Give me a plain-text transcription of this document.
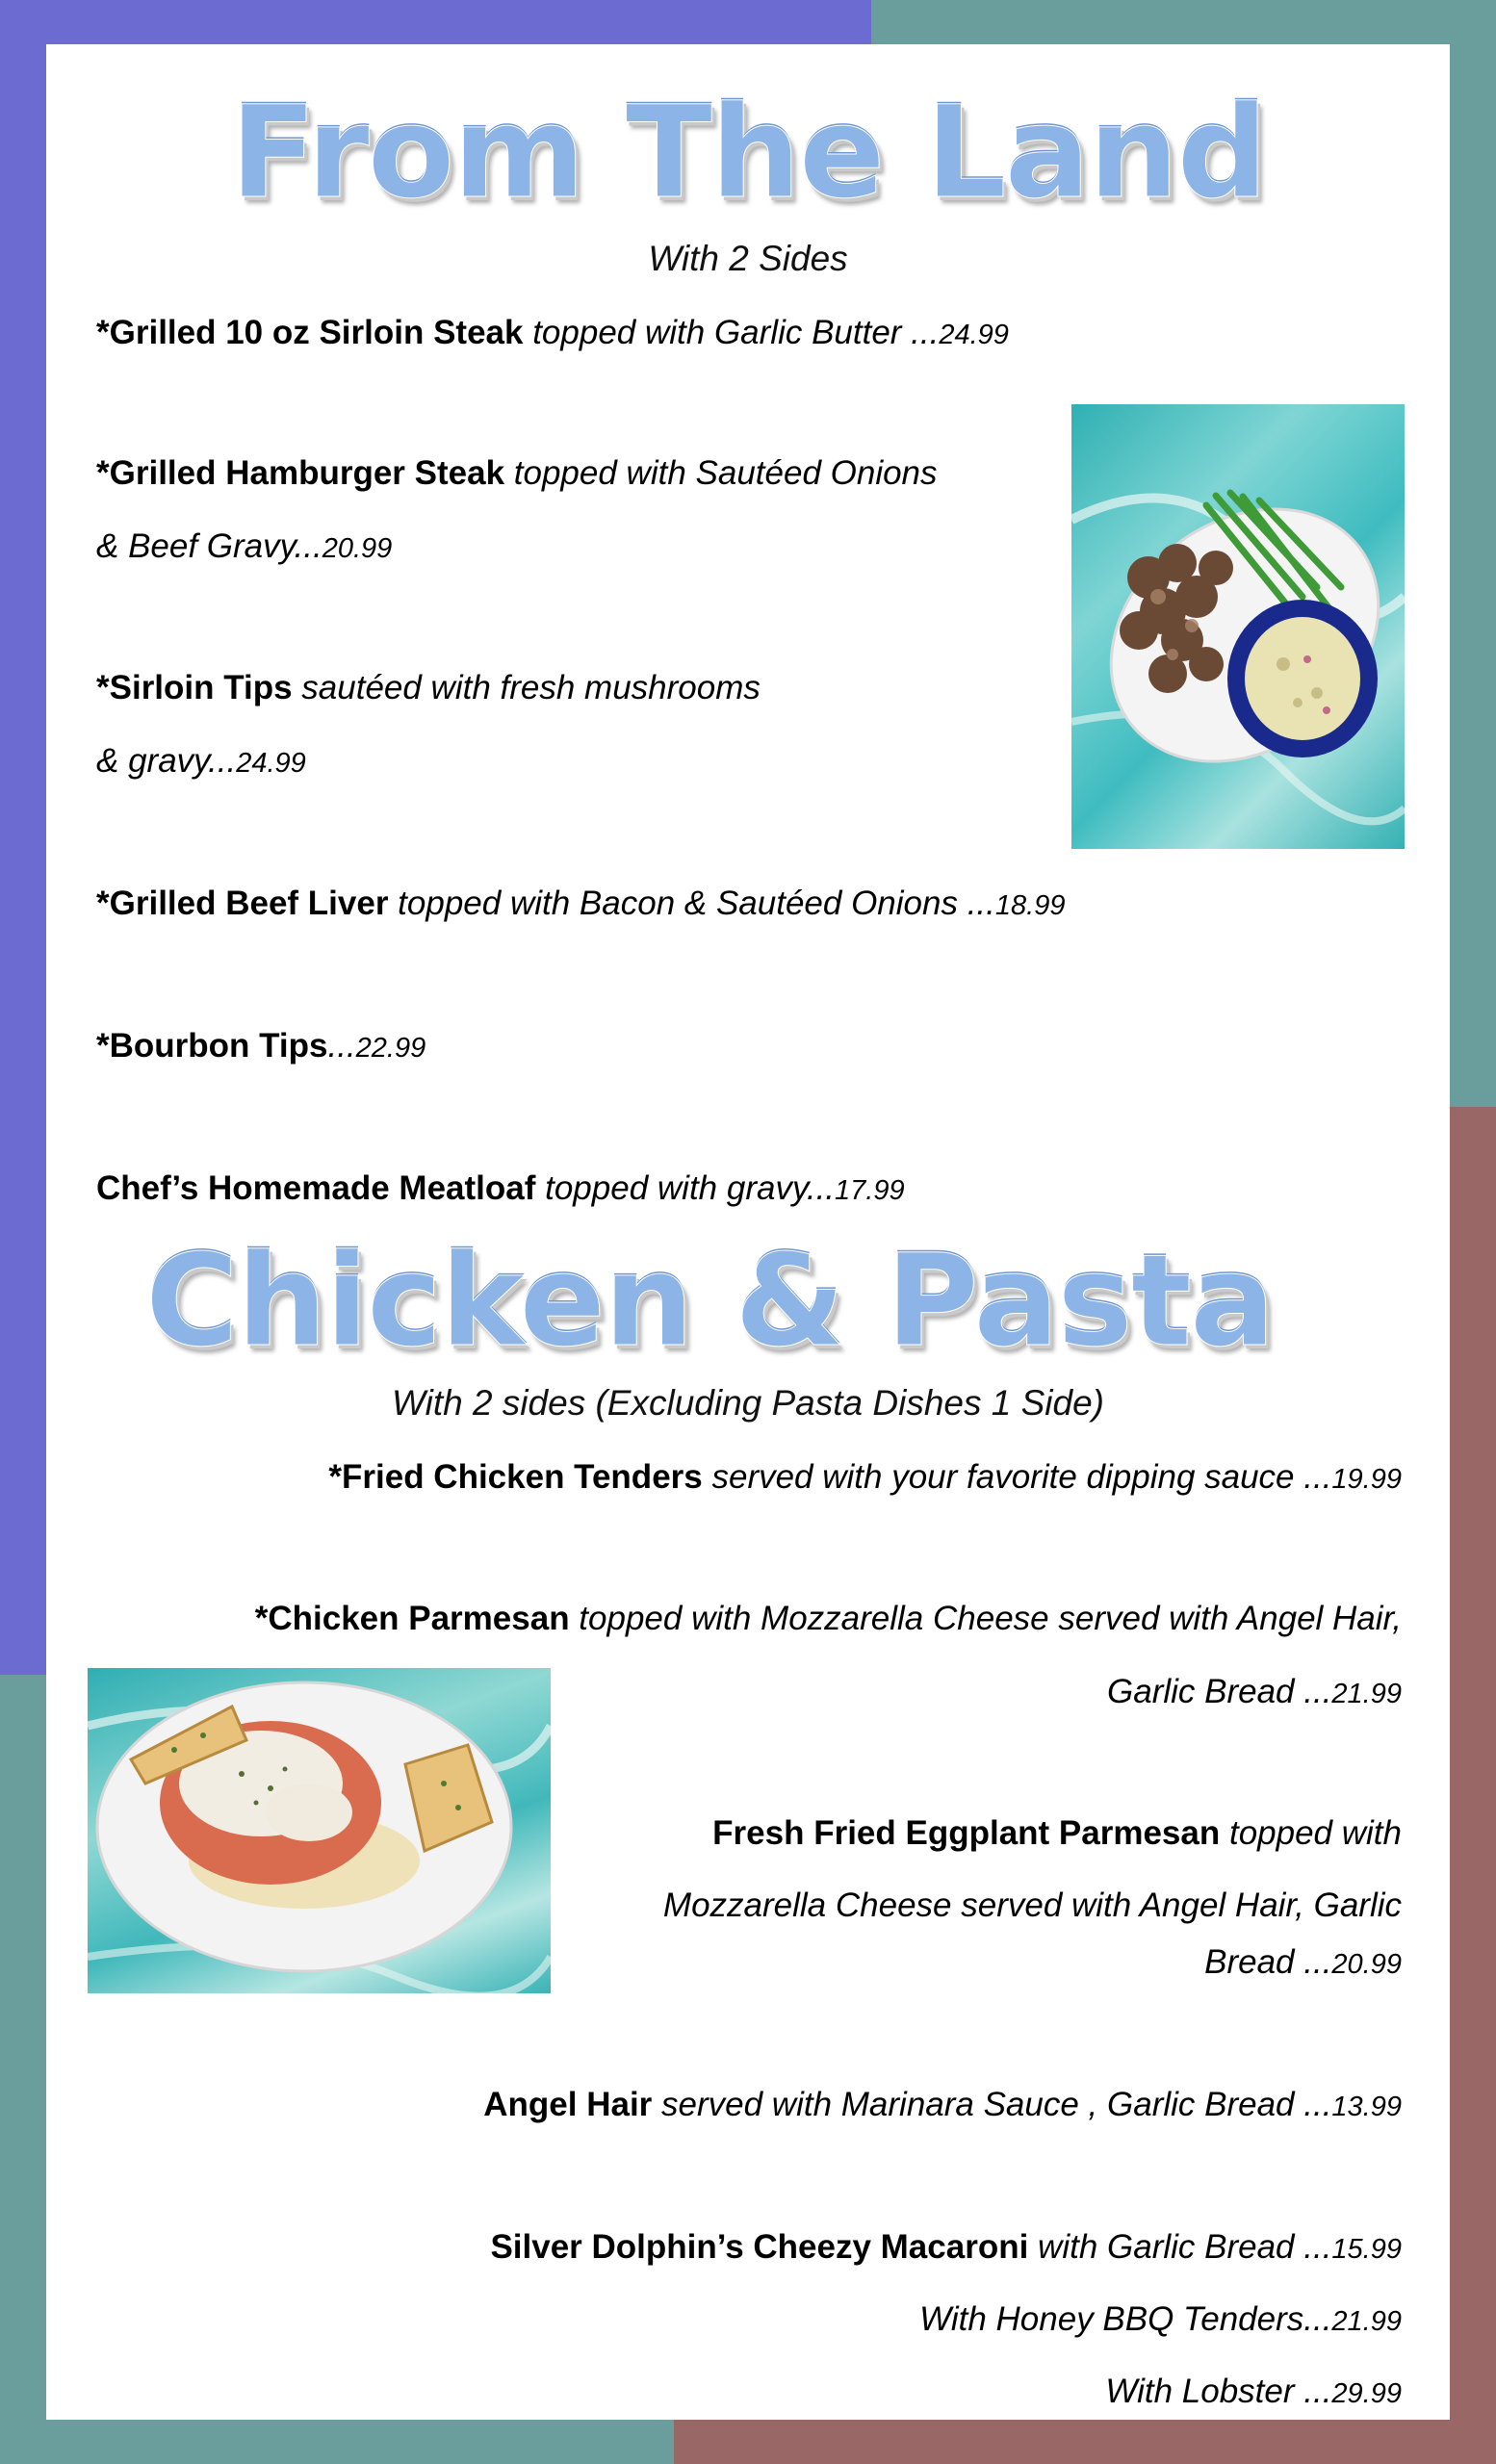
From The Land
With 2 Sides
*Grilled 10 oz Sirloin Steak topped with Garlic Butter ...24.99
*Grilled Hamburger Steak topped with Sautéed Onions
& Beef Gravy...20.99
*Sirloin Tips sautéed with fresh mushrooms
& gravy...24.99
*Grilled Beef Liver topped with Bacon & Sautéed Onions ...18.99
*Bourbon Tips...22.99
Chef’s Homemade Meatloaf topped with gravy...17.99
Chicken & Pasta
With 2 sides (Excluding Pasta Dishes 1 Side)
*Fried Chicken Tenders served with your favorite dipping sauce ...19.99
*Chicken Parmesan topped with Mozzarella Cheese served with Angel Hair,
Garlic Bread ...21.99
Fresh Fried Eggplant Parmesan topped with
Mozzarella Cheese served with Angel Hair, Garlic
Bread ...20.99
Angel Hair served with Marinara Sauce , Garlic Bread ...13.99
Silver Dolphin’s Cheezy Macaroni with Garlic Bread ...15.99
With Honey BBQ Tenders...21.99
With Lobster ...29.99
